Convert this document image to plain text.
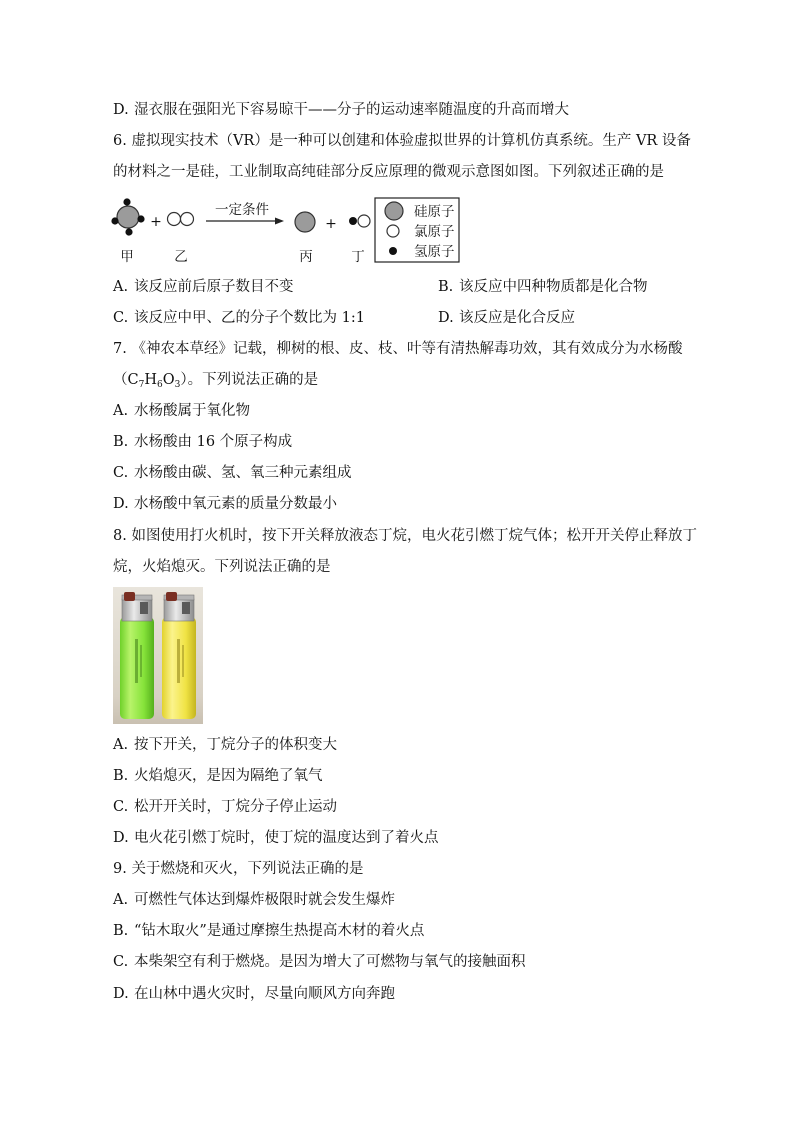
D. 湿衣服在强阳光下容易晾干——分子的运动速率随温度的升高而增大
6. 虚拟现实技术（VR）是一种可以创建和体验虚拟世界的计算机仿真系统。生产 VR 设备
的材料之一是硅，工业制取高纯硅部分反应原理的微观示意图如图。下列叙述正确的是
+
一定条件
+
硅原子
氯原子
氢原子
甲	乙	丙	丁
A. 该反应前后原子数目不变	B. 该反应中四种物质都是化合物
C. 该反应中甲、乙的分子个数比为 1:1	D. 该反应是化合反应
7. 《神农本草经》记载，柳树的根、皮、枝、叶等有清热解毒功效，其有效成分为水杨酸
$(C_7H_6O_3)$。下列说法正确的是
A. 水杨酸属于氧化物
B. 水杨酸由 16 个原子构成
C. 水杨酸由碳、氢、氧三种元素组成
D. 水杨酸中氧元素的质量分数最小
8. 如图使用打火机时，按下开关释放液态丁烷，电火花引燃丁烷气体；松开开关停止释放丁
烷，火焰熄灭。下列说法正确的是
A. 按下开关，丁烷分子的体积变大
B. 火焰熄灭，是因为隔绝了氧气
C. 松开开关时，丁烷分子停止运动
D. 电火花引燃丁烷时，使丁烷的温度达到了着火点
9. 关于燃烧和灭火，下列说法正确的是
A. 可燃性气体达到爆炸极限时就会发生爆炸
B. “钻木取火”是通过摩擦生热提高木材的着火点
C. 本柴架空有利于燃烧。是因为增大了可燃物与氧气的接触面积
D. 在山林中遇火灾时，尽量向顺风方向奔跑
